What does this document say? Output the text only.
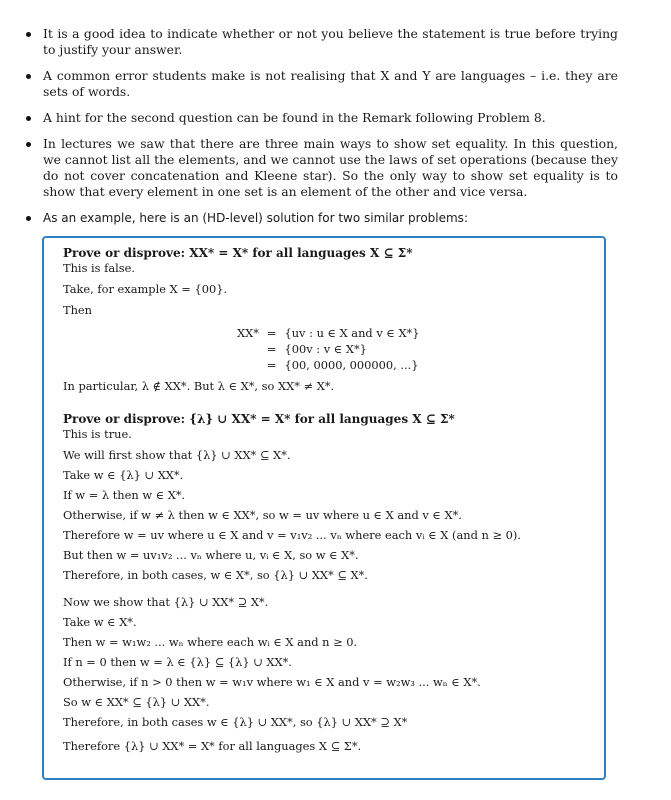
It is a good idea to indicate whether or not you believe the statement is true before trying to justify your answer.
A common error students make is not realising that X and Y are languages – i.e. they are sets of words.
A hint for the second question can be found in the Remark following Problem 8.
In lectures we saw that there are three main ways to show set equality. In this question, we cannot list all the elements, and we cannot use the laws of set operations (because they do not cover concatenation and Kleene star). So the only way to show set equality is to show that every element in one set is an element of the other and vice versa.
As an example, here is an (HD-level) solution for two similar problems:

Prove or disprove: XX* = X* for all languages X ⊆ Σ*

This is false.

Take, for example X = {00}.

Then

XX*	=	{uv : u ∈ X and v ∈ X*}
	=	{00v : v ∈ X*}
	=	{00, 0000, 000000, ...}

In particular, λ ∉ XX*. But λ ∈ X*, so XX* ≠ X*.

Prove or disprove: {λ} ∪ XX* = X* for all languages X ⊆ Σ*

This is true.

We will first show that {λ} ∪ XX* ⊆ X*.

Take w ∈ {λ} ∪ XX*.

If w = λ then w ∈ X*.

Otherwise, if w ≠ λ then w ∈ XX*, so w = uv where u ∈ X and v ∈ X*.

Therefore w = uv where u ∈ X and v = v₁v₂ ... vₙ where each vᵢ ∈ X (and n ≥ 0).

But then w = uv₁v₂ ... vₙ where u, vᵢ ∈ X, so w ∈ X*.

Therefore, in both cases, w ∈ X*, so {λ} ∪ XX* ⊆ X*.

Now we show that {λ} ∪ XX* ⊇ X*.

Take w ∈ X*.

Then w = w₁w₂ ... wₙ where each wᵢ ∈ X and n ≥ 0.

If n = 0 then w = λ ∈ {λ} ⊆ {λ} ∪ XX*.

Otherwise, if n > 0 then w = w₁v where w₁ ∈ X and v = w₂w₃ ... wₙ ∈ X*.

So w ∈ XX* ⊆ {λ} ∪ XX*.

Therefore, in both cases w ∈ {λ} ∪ XX*, so {λ} ∪ XX* ⊇ X*

Therefore {λ} ∪ XX* = X* for all languages X ⊆ Σ*.
